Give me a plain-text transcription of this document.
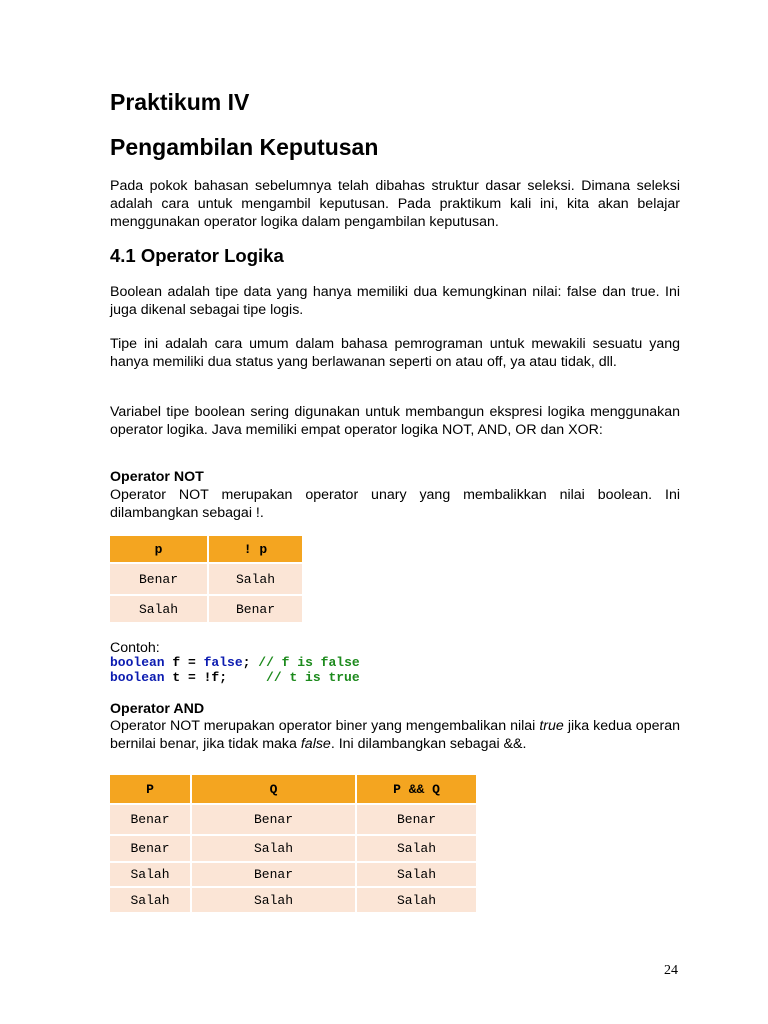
Praktikum IV
Pengambilan Keputusan

Pada pokok bahasan sebelumnya telah dibahas struktur dasar seleksi. Dimana seleksi adalah cara untuk mengambil keputusan. Pada praktikum kali ini, kita akan belajar menggunakan operator logika dalam pengambilan keputusan.

4.1 Operator Logika

Boolean adalah tipe data yang hanya memiliki dua kemungkinan nilai: false dan true. Ini juga dikenal sebagai tipe logis.

Tipe ini adalah cara umum dalam bahasa pemrograman untuk mewakili sesuatu yang hanya memiliki dua status yang berlawanan seperti on atau off, ya atau tidak, dll.

Variabel tipe boolean sering digunakan untuk membangun ekspresi logika menggunakan operator logika. Java memiliki empat operator logika NOT, AND, OR dan XOR:

Operator NOT

Operator NOT merupakan operator unary yang membalikkan nilai boolean. Ini dilambangkan sebagai !.

p	! p
Benar	Salah
Salah	Benar

Contoh:

boolean f = false; // f is false
boolean t = !f;	// t is true

Operator AND

Operator NOT merupakan operator biner yang mengembalikan nilai true jika kedua operan bernilai benar, jika tidak maka false. Ini dilambangkan sebagai &&.

P	Q	P && Q
Benar	Benar	Benar
Benar	Salah	Salah
Salah	Benar	Salah
Salah	Salah	Salah
24
